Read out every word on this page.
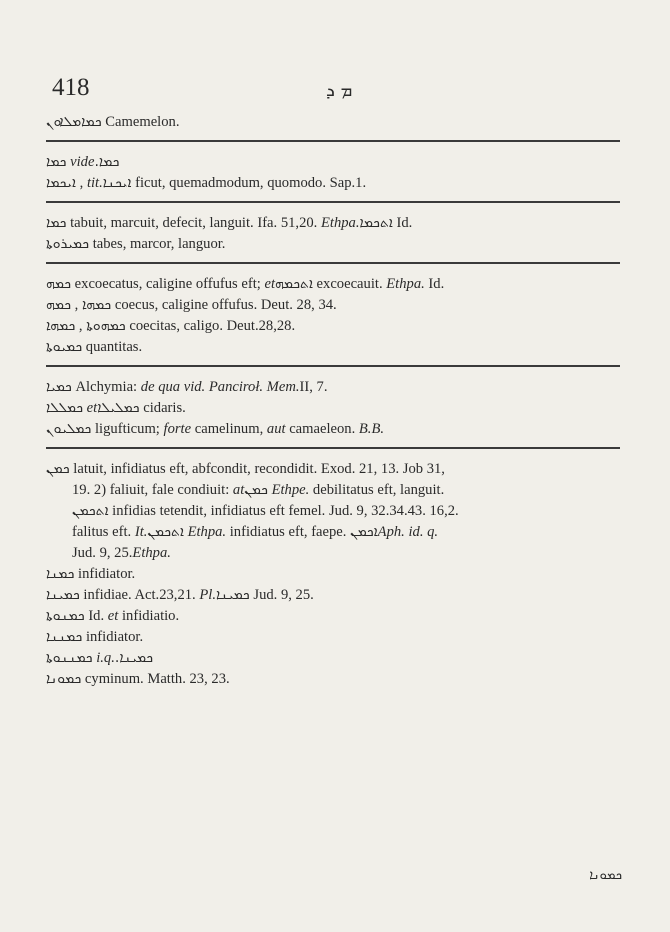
418	ܡ ܕ
ܟܡܐܡܠܐܘܢ Camemelon.
ܟܡܐ videܟܡܐ.
ܐܝܟܡܐ , tit.ܐܝܟܢܐ ficut, quemadmodum, quomodo. Sap.1.
ܟܡܐ tabuit, marcuit, defecit, languit. Ifa. 51,20. Ethpa.ܐܬܟܡܐ Id.
ܟܡܝܪܘܬܐ tabes, marcor, languor.
ܟܡܗ excoecatus, caligine offufus eft; etܐܬܟܡܗ excoecauit. Ethpa. Id.
ܟܡܗ , ܟܡܗܐ coecus, caligine offufus. Deut. 28, 34.
ܟܡܗܐ , ܟܡܗܘܬܐ coecitas, caligo. Deut.28,28.
ܟܡܝܘܬܐ quantitas.
ܟܡܝܐ Alchymia: de qua vid. Panciroł. Mem.II, 7.
ܟܡܠܠܐ etܟܡܠܝܠܐ cidaris.
ܟܡܠܝܘܢ ligufticum; forte camelinum, aut camaeleon. B.B.
ܟܡܢ latuit, infidiatus eft, abfcondit, recondidit. Exod. 21, 13. Job 31,
19. 2) faliuit, fale condiuit: atܟܡܢ Ethpe. debilitatus eft, languit.
ܐܬܟܡܢ infidias tetendit, infidiatus eft femel. Jud. 9, 32.34.43. 16,2.
falitus eft. It.ܐܬܟܡܢ Ethpa. infidiatus eft, faepe. ܐܟܡܢAph. id. q.
Jud. 9, 25.Ethpa.
ܟܡܢܐ infidiator.
ܟܡܝܢܐ infidiae. Act.23,21. Pl.ܟܡܝܢܐ Jud. 9, 25.
ܟܡܢܘܬܐ Id. et infidiatio.
ܟܡܢܢܐ infidiator.
ܟܡܢܢܘܬܐ i.q.ܟܡܝܢܐ.
ܟܡܘܢܐ cyminum. Matth. 23, 23.
ܟܡܘܢܐ
